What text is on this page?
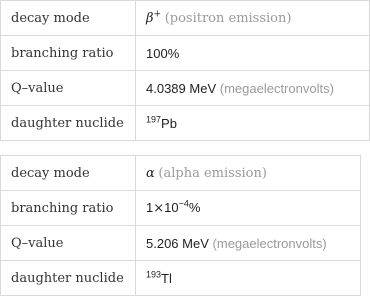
decay mode	β+ (positron emission)
branching ratio	100%
Q–value	4.0389 MeV (megaelectronvolts)
daughter nuclide	$^{197}$Pb
decay mode	α (alpha emission)
branching ratio	$1\times 10^{-4}\%$
Q–value	5.206 MeV (megaelectronvolts)
daughter nuclide	$^{193}$Tl
